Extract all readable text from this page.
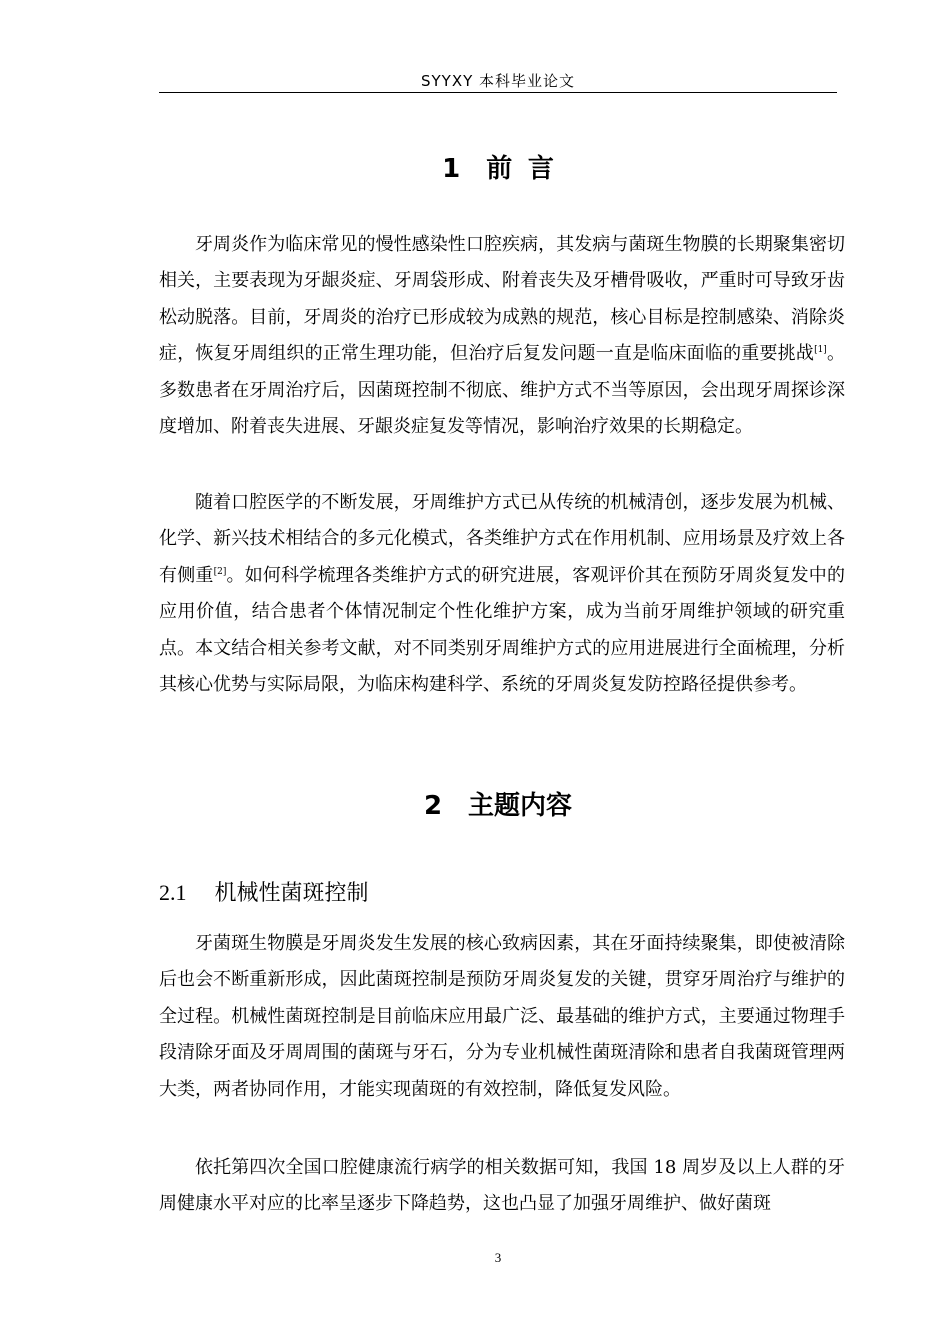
SYYXY 本科毕业论文
1 前言

牙周炎作为临床常见的慢性感染性口腔疾病，其发病与菌斑生物膜的长期聚集密切相关，主要表现为牙龈炎症、牙周袋形成、附着丧失及牙槽骨吸收，严重时可导致牙齿松动脱落。目前，牙周炎的治疗已形成较为成熟的规范，核心目标是控制感染、消除炎症，恢复牙周组织的正常生理功能，但治疗后复发问题一直是临床面临的重要挑战[1]。多数患者在牙周治疗后，因菌斑控制不彻底、维护方式不当等原因，会出现牙周探诊深度增加、附着丧失进展、牙龈炎症复发等情况，影响治疗效果的长期稳定。

随着口腔医学的不断发展，牙周维护方式已从传统的机械清创，逐步发展为机械、化学、新兴技术相结合的多元化模式，各类维护方式在作用机制、应用场景及疗效上各有侧重[2]。如何科学梳理各类维护方式的研究进展，客观评价其在预防牙周炎复发中的应用价值，结合患者个体情况制定个性化维护方案，成为当前牙周维护领域的研究重点。本文结合相关参考文献，对不同类别牙周维护方式的应用进展进行全面梳理，分析其核心优势与实际局限，为临床构建科学、系统的牙周炎复发防控路径提供参考。

2 主题内容
2.1 机械性菌斑控制

牙菌斑生物膜是牙周炎发生发展的核心致病因素，其在牙面持续聚集，即使被清除后也会不断重新形成，因此菌斑控制是预防牙周炎复发的关键，贯穿牙周治疗与维护的全过程。机械性菌斑控制是目前临床应用最广泛、最基础的维护方式，主要通过物理手段清除牙面及牙周周围的菌斑与牙石，分为专业机械性菌斑清除和患者自我菌斑管理两大类，两者协同作用，才能实现菌斑的有效控制，降低复发风险。

依托第四次全国口腔健康流行病学的相关数据可知，我国 18 周岁及以上人群的牙周健康水平对应的比率呈逐步下降趋势，这也凸显了加强牙周维护、做好菌斑

3
